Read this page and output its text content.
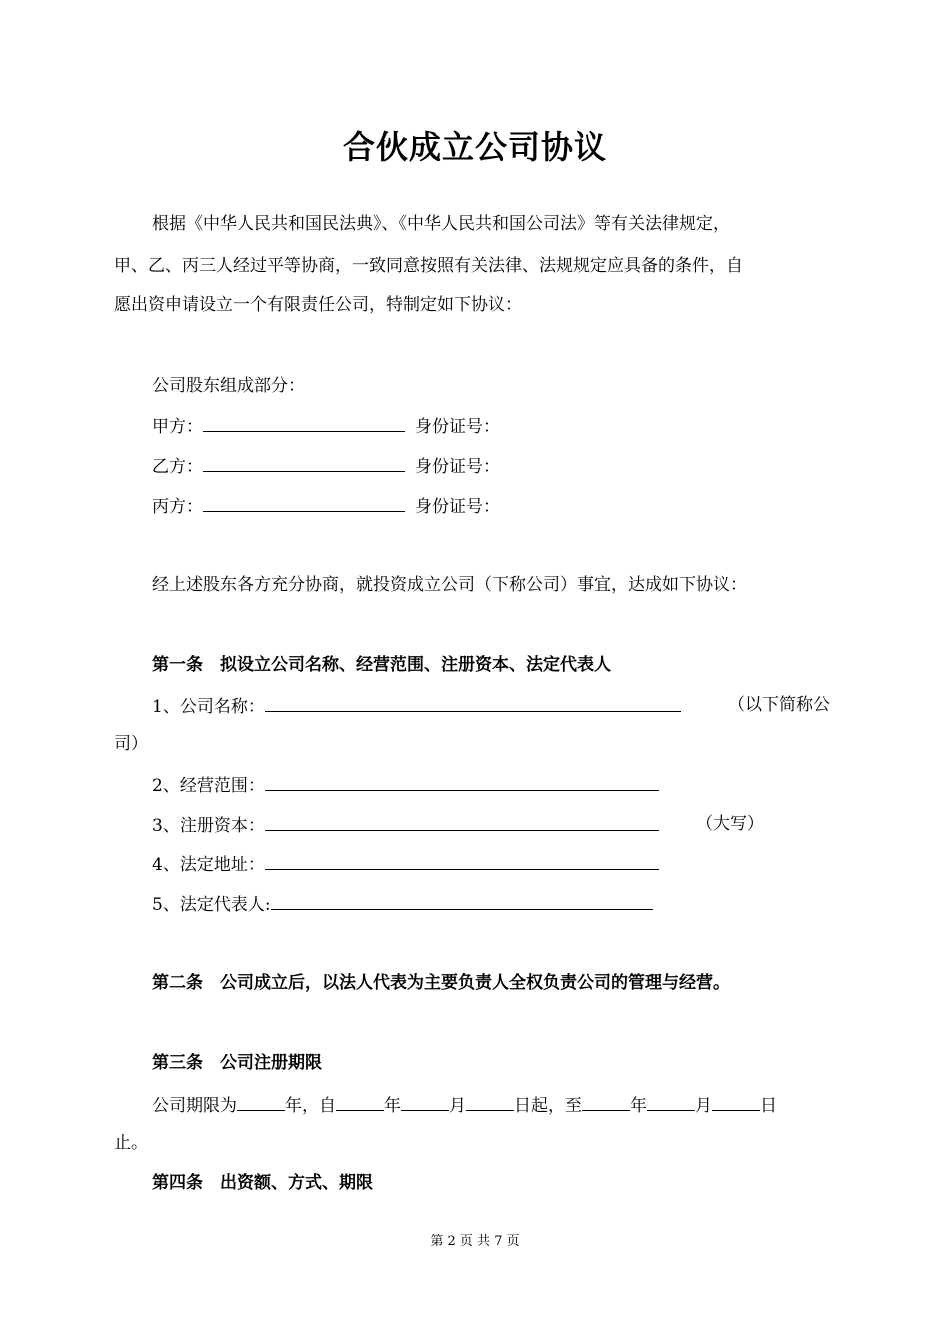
合伙成立公司协议
根据《中华人民共和国民法典》、《中华人民共和国公司法》等有关法律规定，
甲、乙、丙三人经过平等协商，一致同意按照有关法律、法规规定应具备的条件，自
愿出资申请设立一个有限责任公司，特制定如下协议：
公司股东组成部分：
甲方：	身份证号：
乙方：	身份证号：
丙方：	身份证号：
经上述股东各方充分协商，就投资成立公司（下称公司）事宜，达成如下协议：
第一条　拟设立公司名称、经营范围、注册资本、法定代表人
1、公司名称：	（以下简称公
司）
2、经营范围：
3、注册资本：	（大写）
4、法定地址：
5、法定代表人:
第二条　公司成立后，以法人代表为主要负责人全权负责公司的管理与经营。
第三条　公司注册期限
公司期限为	年，自	年	月	日起，至	年	月	日
止。
第四条　出资额、方式、期限
第 2 页 共 7 页
